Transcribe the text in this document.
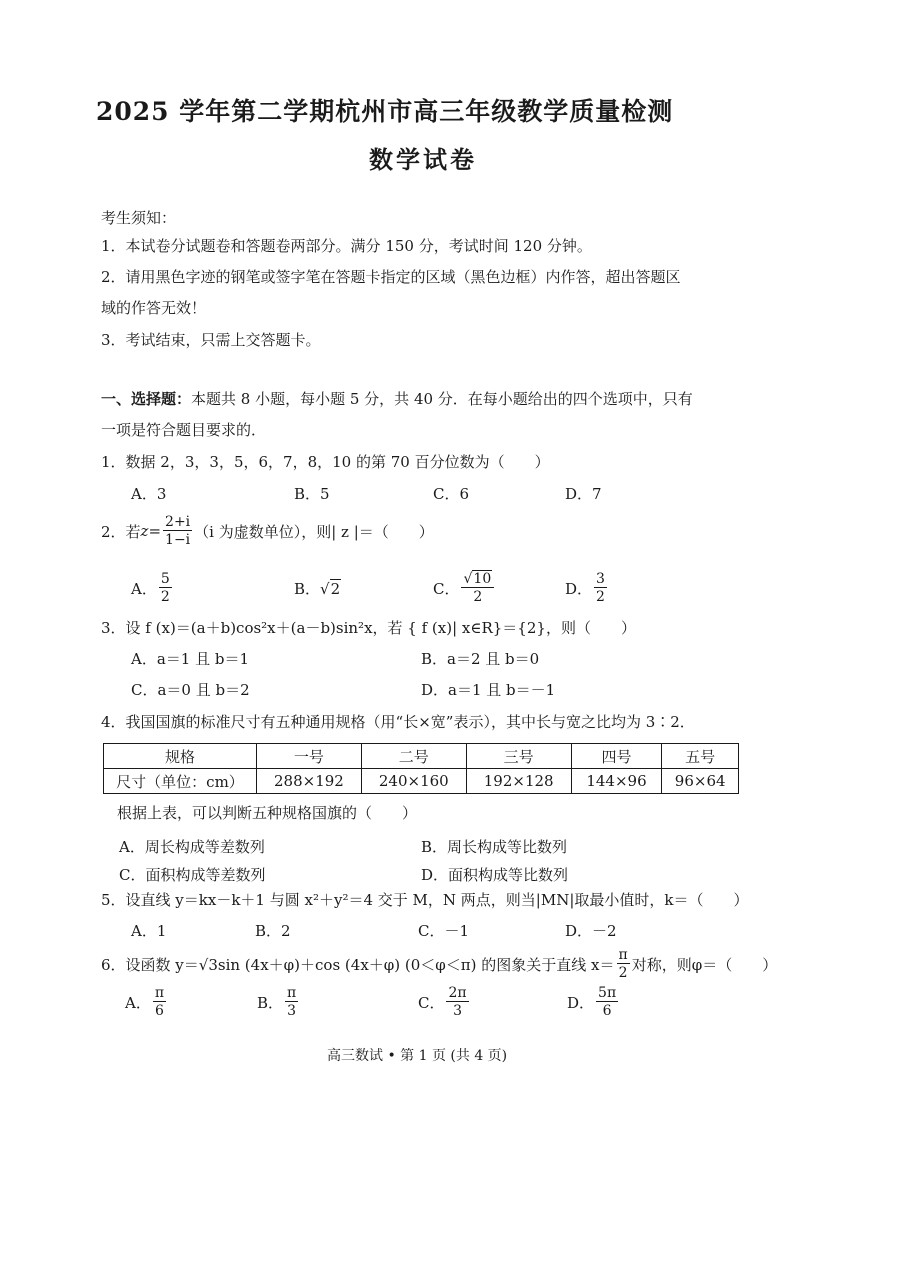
2025 学年第二学期杭州市高三年级教学质量检测
数学试卷
考生须知：
1．本试卷分试题卷和答题卷两部分。满分 150 分，考试时间 120 分钟。
2．请用黑色字迹的钢笔或签字笔在答题卡指定的区域（黑色边框）内作答，超出答题区
域的作答无效！
3．考试结束，只需上交答题卡。
一、选择题：本题共 8 小题，每小题 5 分，共 40 分．在每小题给出的四个选项中，只有
一项是符合题目要求的．
1．数据 2，3，3，5，6，7，8，10 的第 70 百分位数为（　　）
A．3	B．5	C．6	D．7
2．若 $z = \frac{2+i}{1-i} (i$ 为虚数单位），则| z |＝（　　）
A． $\frac{5}{2}$	B． √ 2	C． $\frac{√10}{2}$	D． $\frac{3}{2}$
3．设 f (x)＝(a＋b)cos²x＋(a－b)sin²x，若 { f (x)| x∈R}＝{2}，则（　　）
A．a＝1 且 b＝1	B．a＝2 且 b＝0
C．a＝0 且 b＝2	D．a＝1 且 b＝－1
4．我国国旗的标准尺寸有五种通用规格（用“长×宽”表示），其中长与宽之比均为 3∶2．
规格	一号	二号	三号	四号	五号
尺寸（单位：cm）	288×192	240×160	192×128	144×96	96×64
根据上表，可以判断五种规格国旗的（　　）
A．周长构成等差数列	B．周长构成等比数列
C．面积构成等差数列	D．面积构成等比数列
5．设直线 y＝kx－k＋1 与圆 x²＋y²＝4 交于 M，N 两点，则当|MN|取最小值时，k＝（　　）
A．1	B．2	C．－1	D．－2
6．设函数 y＝√3sin (4x＋φ)＋cos (4x＋φ) (0＜φ＜π) 的图象关于直线 $x= \frac{\pi}{2}$ 对称，则φ＝（　　）
A． $\frac{\pi}{6}$	B． $\frac{\pi}{3}$	C． $\frac{2\pi}{3}$	D． $\frac{5\pi}{6}$
高三数试 • 第 1 页 (共 4 页)
